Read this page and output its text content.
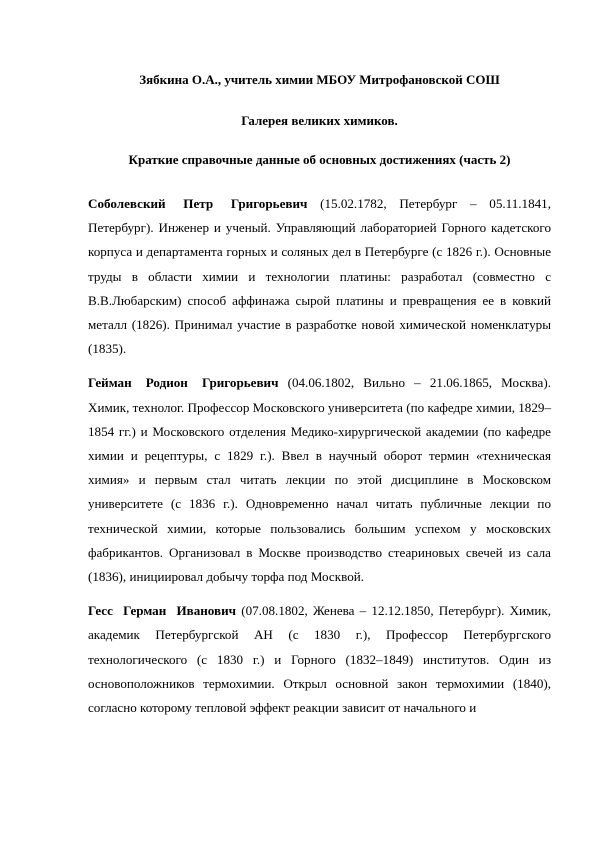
Зябкина О.А., учитель химии МБОУ Митрофановской СОШ

Галерея великих химиков.

Краткие справочные данные об основных достижениях (часть 2)

Соболевский Петр Григорьевич (15.02.1782, Петербург – 05.11.1841, Петербург). Инженер и ученый. Управляющий лабораторией Горного кадетского корпуса и департамента горных и соляных дел в Петербурге (с 1826 г.). Основные труды в области химии и технологии платины: разработал (совместно с В.В.Любарским) способ аффинажа сырой платины и превращения ее в ковкий металл (1826). Принимал участие в разработке новой химической номенклатуры (1835).

Гейман Родион Григорьевич (04.06.1802, Вильно – 21.06.1865, Москва). Химик, технолог. Профессор Московского университета (по кафедре химии, 1829–1854 гг.) и Московского отделения Медико-хирургической академии (по кафедре химии и рецептуры, с 1829 г.). Ввел в научный оборот термин «техническая химия» и первым стал читать лекции по этой дисциплине в Московском университете (с 1836 г.). Одновременно начал читать публичные лекции по технической химии, которые пользовались большим успехом у московских фабрикантов. Организовал в Москве производство стеариновых свечей из сала (1836), инициировал добычу торфа под Москвой.

Гесс Герман Иванович (07.08.1802, Женева – 12.12.1850, Петербург). Химик, академик Петербургской АН (с 1830 г.), Профессор Петербургского технологического (с 1830 г.) и Горного (1832–1849) институтов. Один из основоположников термохимии. Открыл основной закон термохимии (1840), согласно которому тепловой эффект реакции зависит от начального и
